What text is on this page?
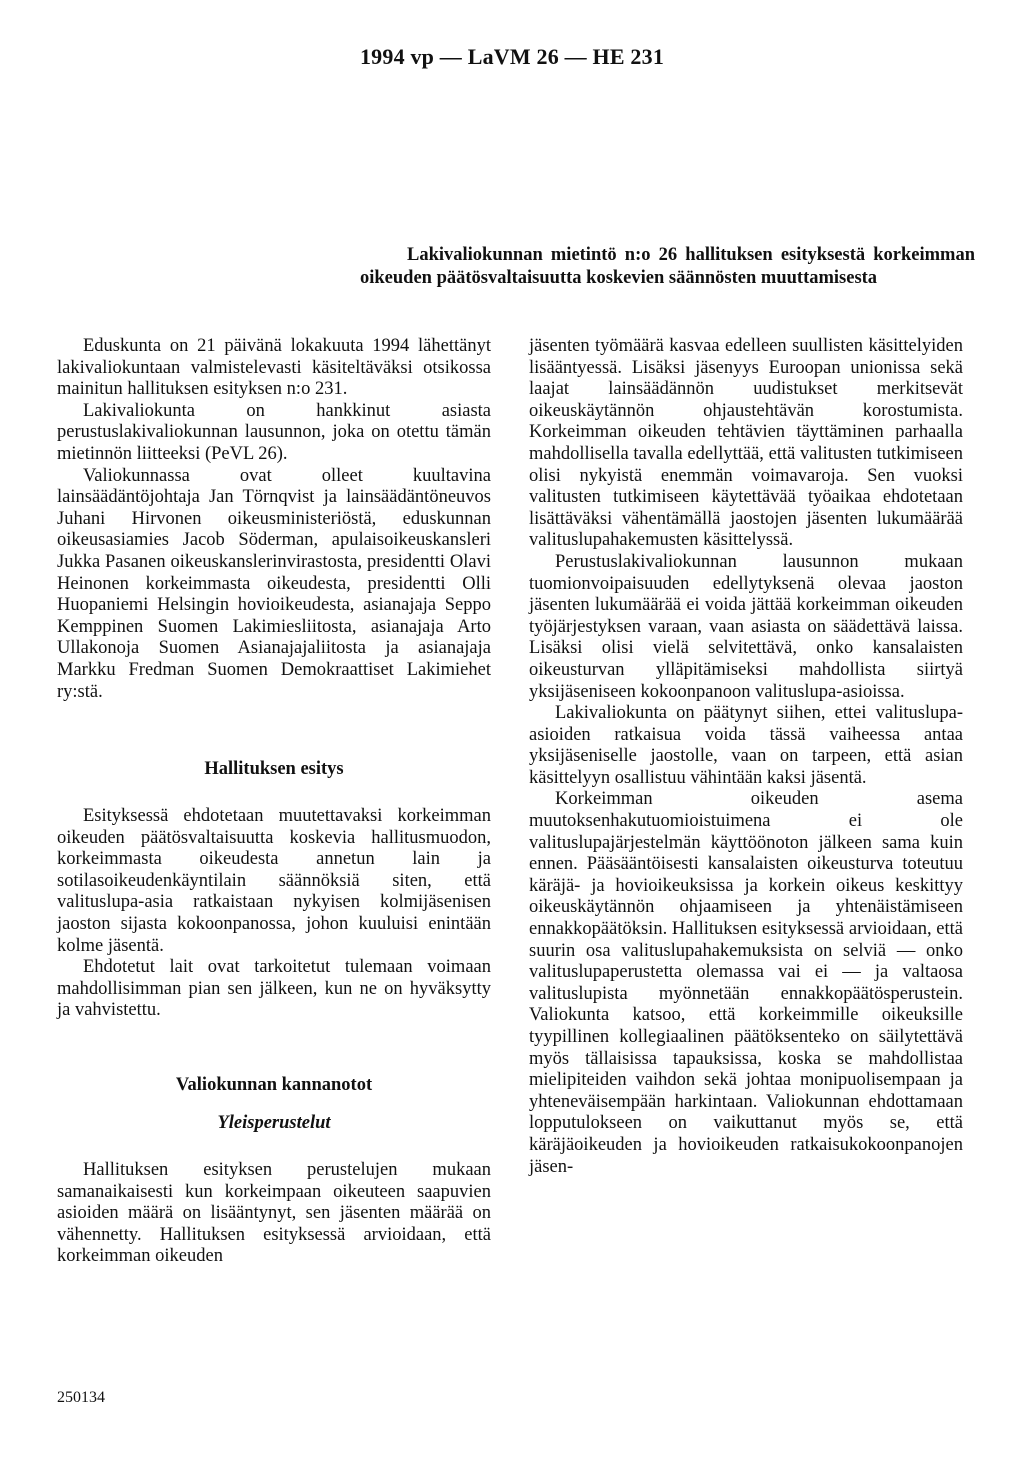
1994 vp — LaVM 26 — HE 231
Lakivaliokunnan mietintö n:o 26 hallituksen esityksestä korkeimman oikeuden päätösvaltaisuutta koskevien säännösten muuttamisesta

Eduskunta on 21 päivänä lokakuuta 1994 lähettänyt lakivaliokuntaan valmistelevasti käsiteltäväksi otsikossa mainitun hallituksen esityksen n:o 231.

Lakivaliokunta on hankkinut asiasta perustuslakivaliokunnan lausunnon, joka on otettu tämän mietinnön liitteeksi (PeVL 26).

Valiokunnassa ovat olleet kuultavina lainsäädäntöjohtaja Jan Törnqvist ja lainsäädäntöneuvos Juhani Hirvonen oikeusministeriöstä, eduskunnan oikeusasiamies Jacob Söderman, apulaisoikeuskansleri Jukka Pasanen oikeuskanslerinvirastosta, presidentti Olavi Heinonen korkeimmasta oikeudesta, presidentti Olli Huopaniemi Helsingin hovioikeudesta, asianajaja Seppo Kemppinen Suomen Lakimiesliitosta, asianajaja Arto Ullakonoja Suomen Asianajajaliitosta ja asianajaja Markku Fredman Suomen Demokraattiset Lakimiehet ry:stä.

Hallituksen esitys

Esityksessä ehdotetaan muutettavaksi korkeimman oikeuden päätösvaltaisuutta koskevia hallitusmuodon, korkeimmasta oikeudesta annetun lain ja sotilasoikeudenkäyntilain säännöksiä siten, että valituslupa-asia ratkaistaan nykyisen kolmijäsenisen jaoston sijasta kokoonpanossa, johon kuuluisi enintään kolme jäsentä.

Ehdotetut lait ovat tarkoitetut tulemaan voimaan mahdollisimman pian sen jälkeen, kun ne on hyväksytty ja vahvistettu.

Valiokunnan kannanotot
Yleisperustelut

Hallituksen esityksen perustelujen mukaan samanaikaisesti kun korkeimpaan oikeuteen saapuvien asioiden määrä on lisääntynyt, sen jäsenten määrää on vähennetty. Hallituksen esityksessä arvioidaan, että korkeimman oikeuden

jäsenten työmäärä kasvaa edelleen suullisten käsittelyiden lisääntyessä. Lisäksi jäsenyys Euroopan unionissa sekä laajat lainsäädännön uudistukset merkitsevät oikeuskäytännön ohjaustehtävän korostumista. Korkeimman oikeuden tehtävien täyttäminen parhaalla mahdollisella tavalla edellyttää, että valitusten tutkimiseen olisi nykyistä enemmän voimavaroja. Sen vuoksi valitusten tutkimiseen käytettävää työaikaa ehdotetaan lisättäväksi vähentämällä jaostojen jäsenten lukumäärää valituslupahakemusten käsittelyssä.

Perustuslakivaliokunnan lausunnon mukaan tuomionvoipaisuuden edellytyksenä olevaa jaoston jäsenten lukumäärää ei voida jättää korkeimman oikeuden työjärjestyksen varaan, vaan asiasta on säädettävä laissa. Lisäksi olisi vielä selvitettävä, onko kansalaisten oikeusturvan ylläpitämiseksi mahdollista siirtyä yksijäseniseen kokoonpanoon valituslupa-asioissa.

Lakivaliokunta on päätynyt siihen, ettei valituslupa-asioiden ratkaisua voida tässä vaiheessa antaa yksijäseniselle jaostolle, vaan on tarpeen, että asian käsittelyyn osallistuu vähintään kaksi jäsentä.

Korkeimman oikeuden asema muutoksenhakutuomioistuimena ei ole valituslupajärjestelmän käyttöönoton jälkeen sama kuin ennen. Pääsääntöisesti kansalaisten oikeusturva toteutuu käräjä- ja hovioikeuksissa ja korkein oikeus keskittyy oikeuskäytännön ohjaamiseen ja yhtenäistämiseen ennakkopäätöksin. Hallituksen esityksessä arvioidaan, että suurin osa valituslupahakemuksista on selviä — onko valituslupaperustetta olemassa vai ei — ja valtaosa valituslupista myönnetään ennakkopäätösperustein. Valiokunta katsoo, että korkeimmille oikeuksille tyypillinen kollegiaalinen päätöksenteko on säilytettävä myös tällaisissa tapauksissa, koska se mahdollistaa mielipiteiden vaihdon sekä johtaa monipuolisempaan ja yhteneväisempään harkintaan. Valiokunnan ehdottamaan lopputulokseen on vaikuttanut myös se, että käräjäoikeuden ja hovioikeuden ratkaisukokoonpanojen jäsen-

250134
